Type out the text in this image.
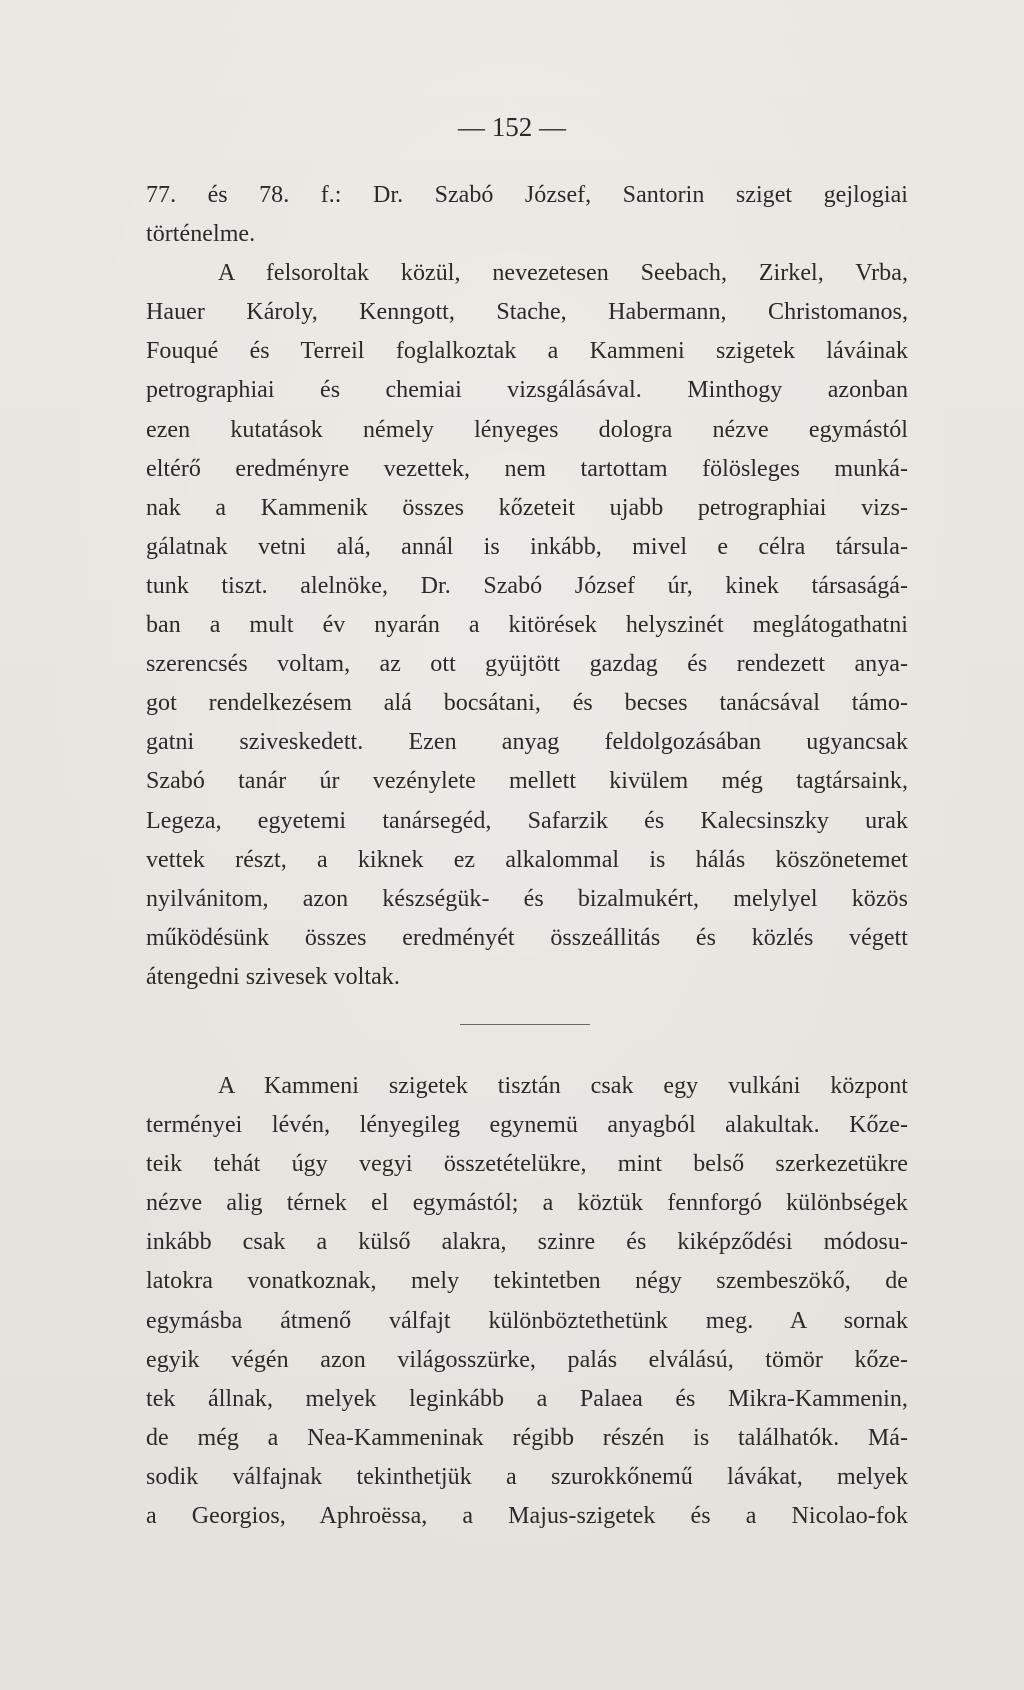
— 152 —
77. és 78. f.: Dr. Szabó József, Santorin sziget gejlogiai
történelme.
A felsoroltak közül, nevezetesen Seebach, Zirkel, Vrba,
Hauer Károly, Kenngott, Stache, Habermann, Christomanos,
Fouqué és Terreil foglalkoztak a Kammeni szigetek láváinak
petrographiai és chemiai vizsgálásával. Minthogy azonban
ezen kutatások némely lényeges dologra nézve egymástól
eltérő eredményre vezettek, nem tartottam fölösleges munká-
nak a Kammenik összes kőzeteit ujabb petrographiai vizs-
gálatnak vetni alá, annál is inkább, mivel e célra társula-
tunk tiszt. alelnöke, Dr. Szabó József úr, kinek társaságá-
ban a mult év nyarán a kitörések helyszinét meglátogathatni
szerencsés voltam, az ott gyüjtött gazdag és rendezett anya-
got rendelkezésem alá bocsátani, és becses tanácsával támo-
gatni sziveskedett. Ezen anyag feldolgozásában ugyancsak
Szabó tanár úr vezénylete mellett kivülem még tagtársaink,
Legeza, egyetemi tanársegéd, Safarzik és Kalecsinszky urak
vettek részt, a kiknek ez alkalommal is hálás köszönetemet
nyilvánitom, azon készségük- és bizalmukért, melylyel közös
működésünk összes eredményét összeállitás és közlés végett
átengedni szivesek voltak.
A Kammeni szigetek tisztán csak egy vulkáni központ
terményei lévén, lényegileg egynemü anyagból alakultak. Kőze-
teik tehát úgy vegyi összetételükre, mint belső szerkezetükre
nézve alig térnek el egymástól; a köztük fennforgó különbségek
inkább csak a külső alakra, szinre és kiképződési módosu-
latokra vonatkoznak, mely tekintetben négy szembeszökő, de
egymásba átmenő válfajt különböztethetünk meg. A sornak
egyik végén azon világosszürke, palás elválású, tömör kőze-
tek állnak, melyek leginkább a Palaea és Mikra-Kammenin,
de még a Nea-Kammeninak régibb részén is találhatók. Má-
sodik válfajnak tekinthetjük a szurokkőnemű lávákat, melyek
a Georgios, Aphroëssa, a Majus-szigetek és a Nicolao-fok
